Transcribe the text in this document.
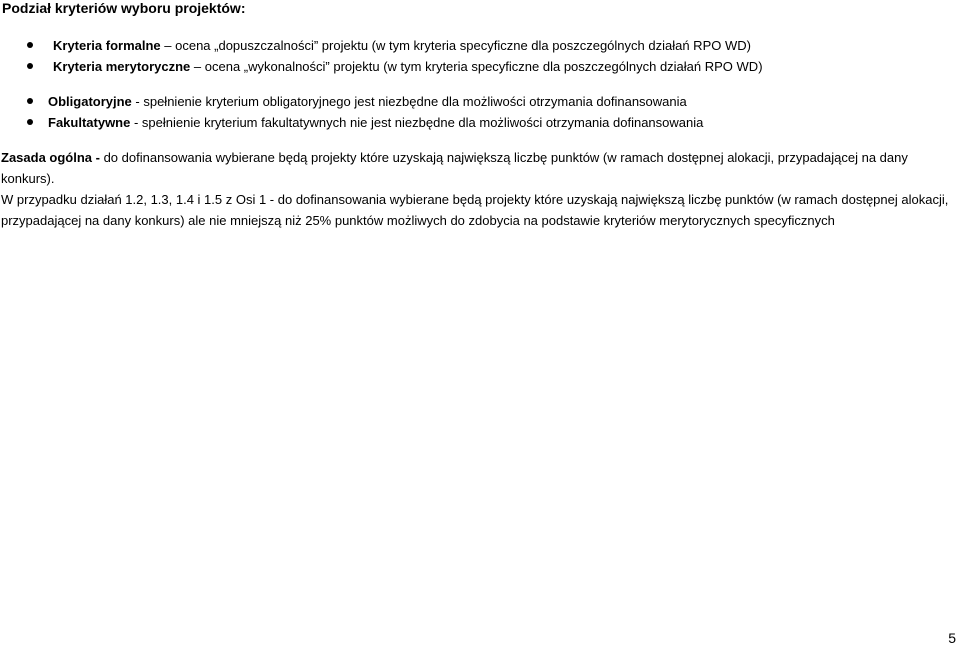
Podział kryteriów wyboru projektów:
Kryteria formalne – ocena „dopuszczalności” projektu (w tym kryteria specyficzne dla poszczególnych działań RPO WD)
Kryteria merytoryczne – ocena „wykonalności” projektu (w tym kryteria specyficzne dla poszczególnych działań RPO WD)
Obligatoryjne - spełnienie kryterium obligatoryjnego jest niezbędne dla możliwości otrzymania dofinansowania
Fakultatywne - spełnienie kryterium fakultatywnych nie jest niezbędne dla możliwości otrzymania dofinansowania

Zasada ogólna - do dofinansowania wybierane będą projekty które uzyskają największą liczbę punktów (w ramach dostępnej alokacji, przypadającej na dany konkurs).

W przypadku działań 1.2, 1.3, 1.4 i 1.5 z Osi 1 - do dofinansowania wybierane będą projekty które uzyskają największą liczbę punktów (w ramach dostępnej alokacji, przypadającej na dany konkurs) ale nie mniejszą niż 25% punktów możliwych do zdobycia na podstawie kryteriów merytorycznych specyficznych

5
